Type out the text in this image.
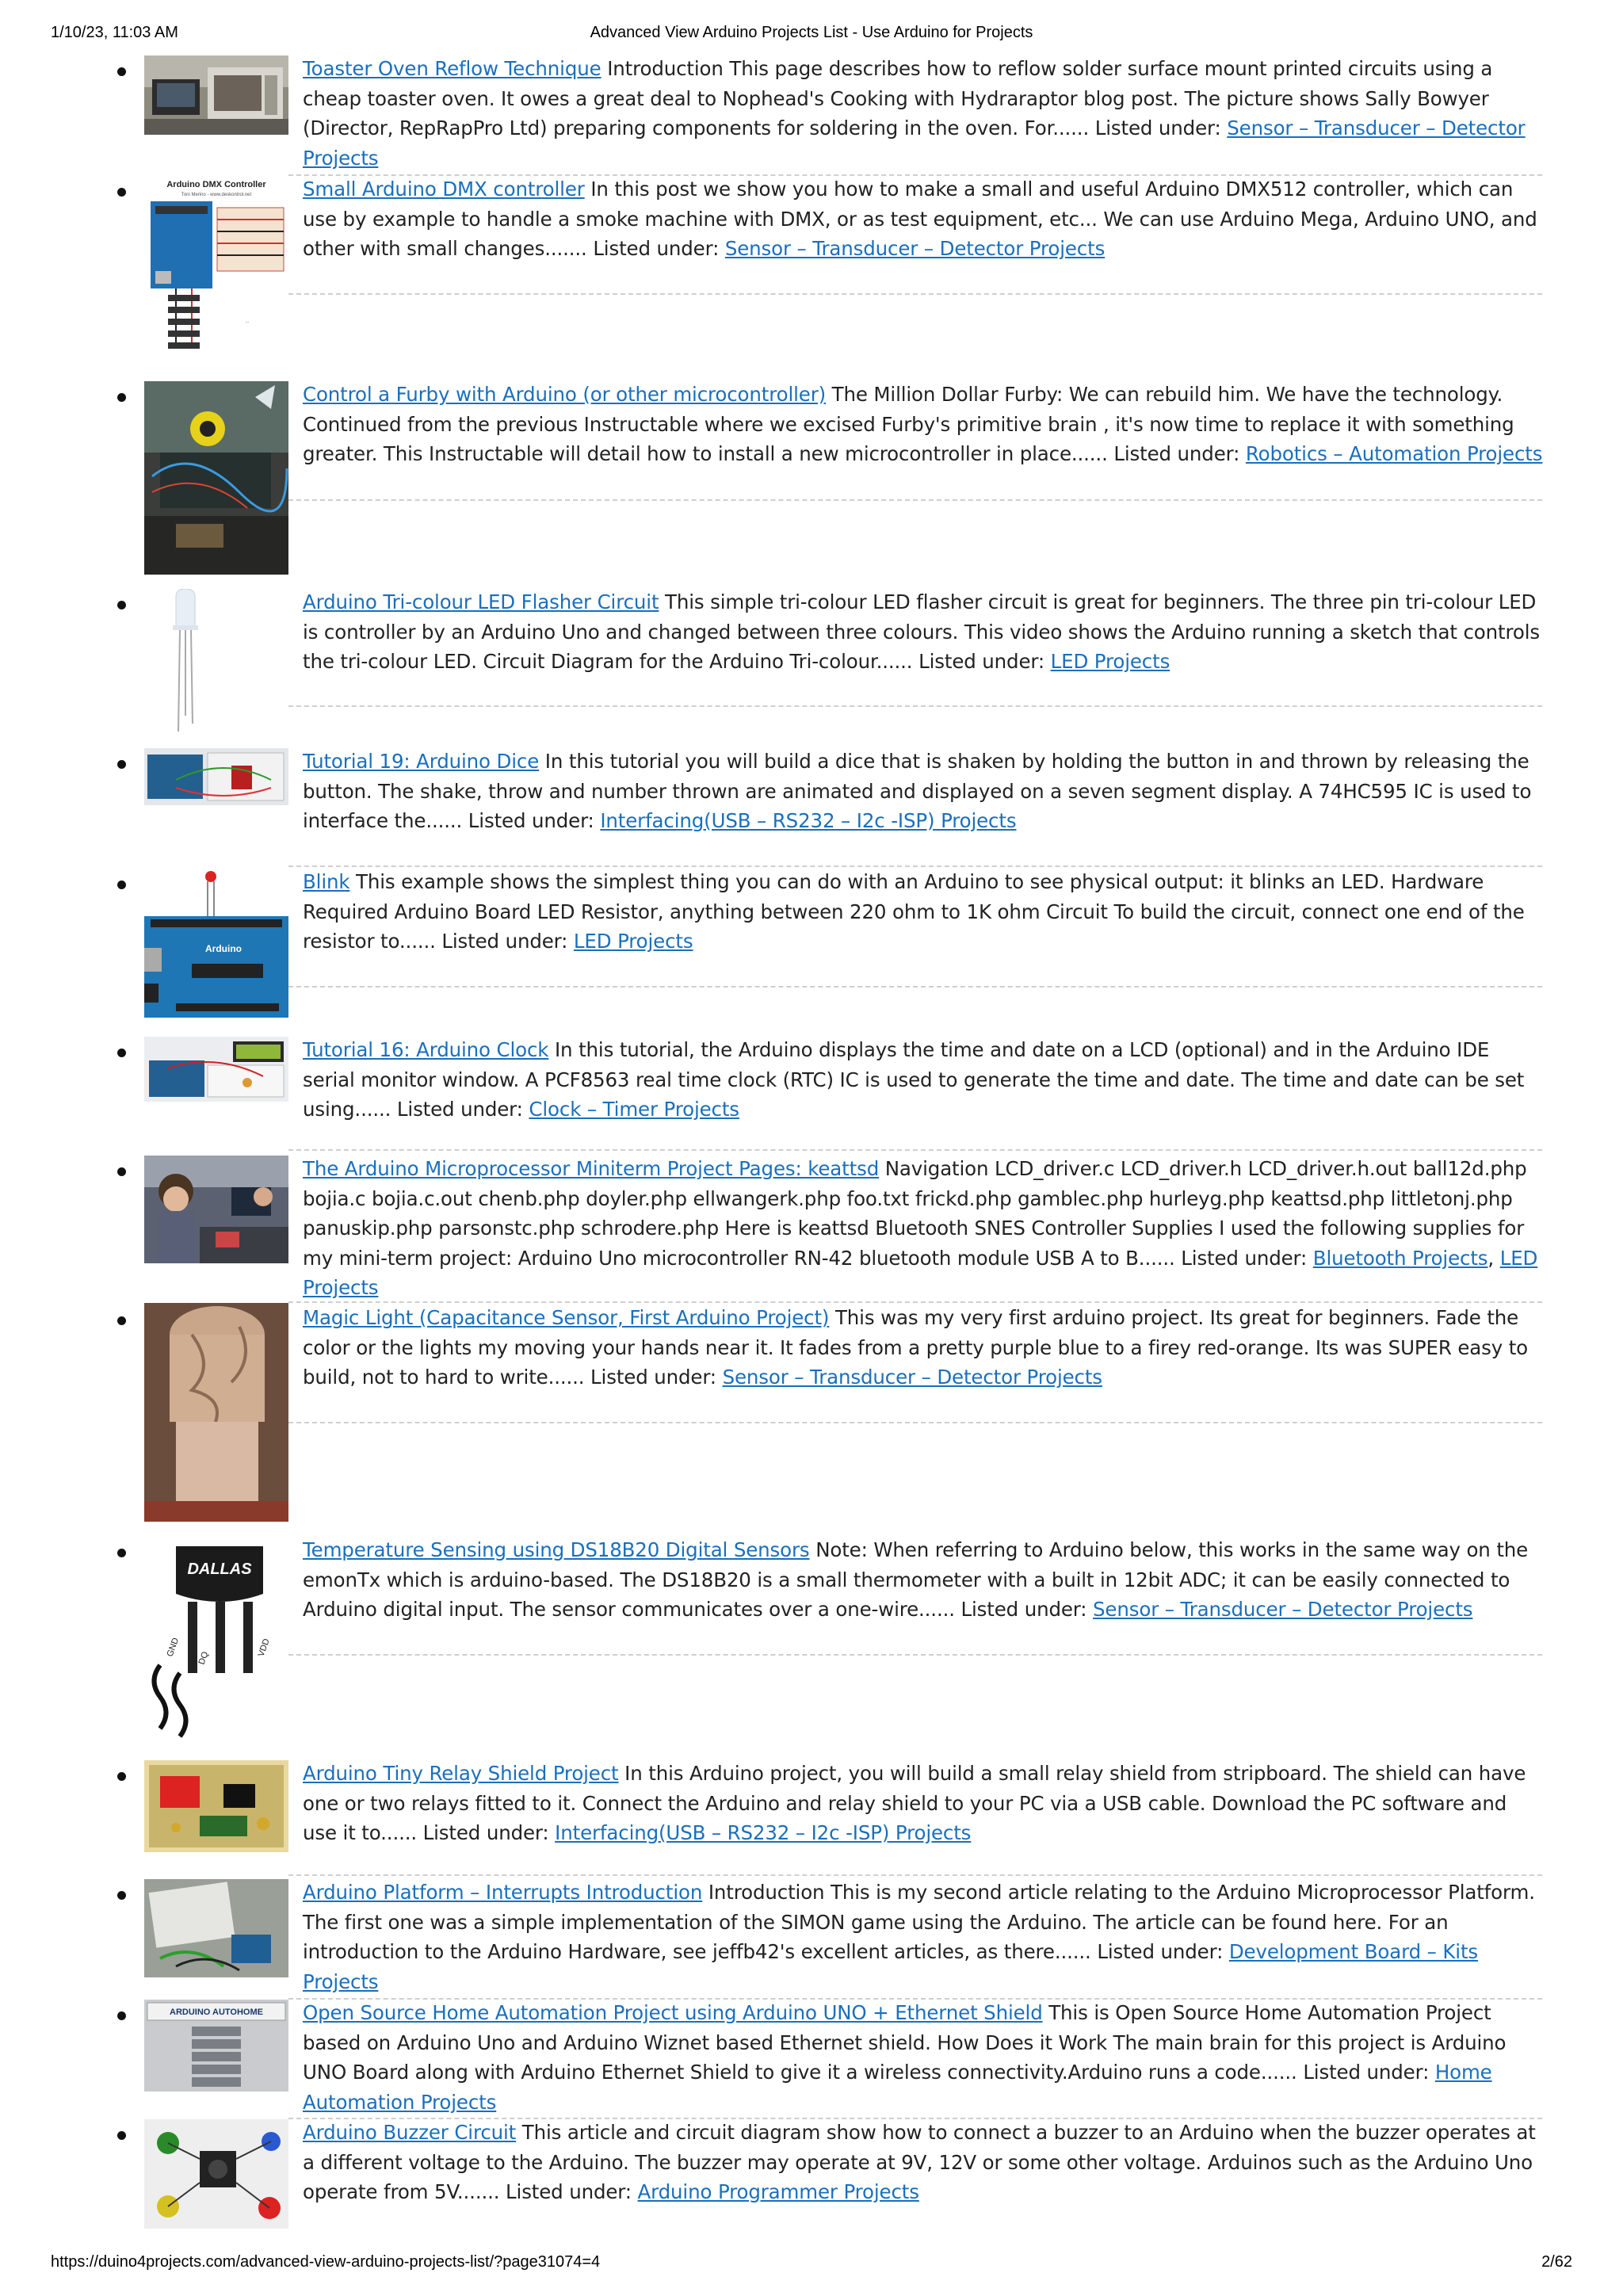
1/10/23, 11:03 AM	Advanced View Arduino Projects List - Use Arduino for Projects
Toaster Oven Reflow Technique Introduction This page describes how to reflow solder surface mount printed circuits using a cheap toaster oven. It owes a great deal to Nophead's Cooking with Hydraraptor blog post. The picture shows Sally Bowyer (Director, RepRapPro Ltd) preparing components for soldering in the oven. For...... Listed under: Sensor – Transducer – Detector Projects
Arduino DMX Controller
Toni Merino - www.deskontrol.net
...
Small Arduino DMX controller In this post we show you how to make a small and useful Arduino DMX512 controller, which can use by example to handle a smoke machine with DMX, or as test equipment, etc... We can use Arduino Mega, Arduino UNO, and other with small changes....... Listed under: Sensor – Transducer – Detector Projects
Control a Furby with Arduino (or other microcontroller) The Million Dollar Furby: We can rebuild him. We have the technology. Continued from the previous Instructable where we excised Furby's primitive brain , it's now time to replace it with something greater. This Instructable will detail how to install a new microcontroller in place...... Listed under: Robotics – Automation Projects
Arduino Tri-colour LED Flasher Circuit This simple tri-colour LED flasher circuit is great for beginners. The three pin tri-colour LED is controller by an Arduino Uno and changed between three colours. This video shows the Arduino running a sketch that controls the tri-colour LED. Circuit Diagram for the Arduino Tri-colour...... Listed under: LED Projects
Tutorial 19: Arduino Dice In this tutorial you will build a dice that is shaken by holding the button in and thrown by releasing the button. The shake, throw and number thrown are animated and displayed on a seven segment display. A 74HC595 IC is used to interface the...... Listed under: Interfacing(USB – RS232 – I2c -ISP) Projects
Arduino
Blink This example shows the simplest thing you can do with an Arduino to see physical output: it blinks an LED. Hardware Required Arduino Board LED Resistor, anything between 220 ohm to 1K ohm Circuit To build the circuit, connect one end of the resistor to...... Listed under: LED Projects
Tutorial 16: Arduino Clock In this tutorial, the Arduino displays the time and date on a LCD (optional) and in the Arduino IDE serial monitor window. A PCF8563 real time clock (RTC) IC is used to generate the time and date. The time and date can be set using...... Listed under: Clock – Timer Projects
The Arduino Microprocessor Miniterm Project Pages: keattsd Navigation LCD_driver.c LCD_driver.h LCD_driver.h.out ball12d.php bojia.c bojia.c.out chenb.php doyler.php ellwangerk.php foo.txt frickd.php gamblec.php hurleyg.php keattsd.php littletonj.php panuskip.php parsonstc.php schrodere.php Here is keattsd Bluetooth SNES Controller Supplies I used the following supplies for my mini-term project: Arduino Uno microcontroller RN-42 bluetooth module USB A to B...... Listed under: Bluetooth Projects, LED Projects
Magic Light (Capacitance Sensor, First Arduino Project) This was my very first arduino project. Its great for beginners. Fade the color or the lights my moving your hands near it. It fades from a pretty purple blue to a firey red-orange. Its was SUPER easy to build, not to hard to write...... Listed under: Sensor – Transducer – Detector Projects
DALLAS
GND
DQ
VDD
Temperature Sensing using DS18B20 Digital Sensors Note: When referring to Arduino below, this works in the same way on the emonTx which is arduino-based. The DS18B20 is a small thermometer with a built in 12bit ADC; it can be easily connected to Arduino digital input. The sensor communicates over a one-wire...... Listed under: Sensor – Transducer – Detector Projects
Arduino Tiny Relay Shield Project In this Arduino project, you will build a small relay shield from stripboard. The shield can have one or two relays fitted to it. Connect the Arduino and relay shield to your PC via a USB cable. Download the PC software and use it to...... Listed under: Interfacing(USB – RS232 – I2c -ISP) Projects
Arduino Platform – Interrupts Introduction Introduction This is my second article relating to the Arduino Microprocessor Platform. The first one was a simple implementation of the SIMON game using the Arduino. The article can be found here. For an introduction to the Arduino Hardware, see jeffb42's excellent articles, as there...... Listed under: Development Board – Kits Projects
ARDUINO AUTOHOME Open Source Home Automation Project using Arduino UNO + Ethernet Shield This is Open Source Home Automation Project based on Arduino Uno and Arduino Wiznet based Ethernet shield. How Does it Work The main brain for this project is Arduino UNO Board along with Arduino Ethernet Shield to give it a wireless connectivity.Arduino runs a code...... Listed under: Home Automation Projects
Arduino Buzzer Circuit This article and circuit diagram show how to connect a buzzer to an Arduino when the buzzer operates at a different voltage to the Arduino. The buzzer may operate at 9V, 12V or some other voltage. Arduinos such as the Arduino Uno operate from 5V....... Listed under: Arduino Programmer Projects
https://duino4projects.com/advanced-view-arduino-projects-list/?page31074=4	2/62
